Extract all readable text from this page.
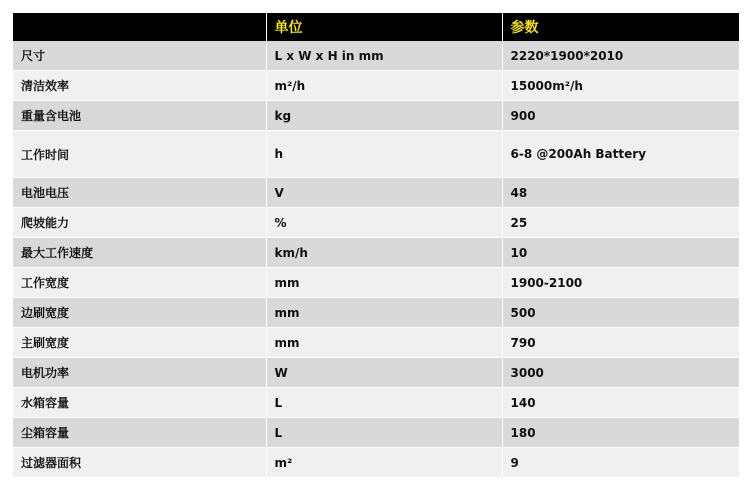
	单位	参数
尺寸	L x W x H in mm	2220*1900*2010
清洁效率	m²/h	15000m²/h
重量含电池	kg	900
工作时间	h	6-8 @200Ah Battery
电池电压	V	48
爬坡能力	%	25
最大工作速度	km/h	10
工作宽度	mm	1900-2100
边刷宽度	mm	500
主刷宽度	mm	790
电机功率	W	3000
水箱容量	L	140
尘箱容量	L	180
过滤器面积	m²	9
